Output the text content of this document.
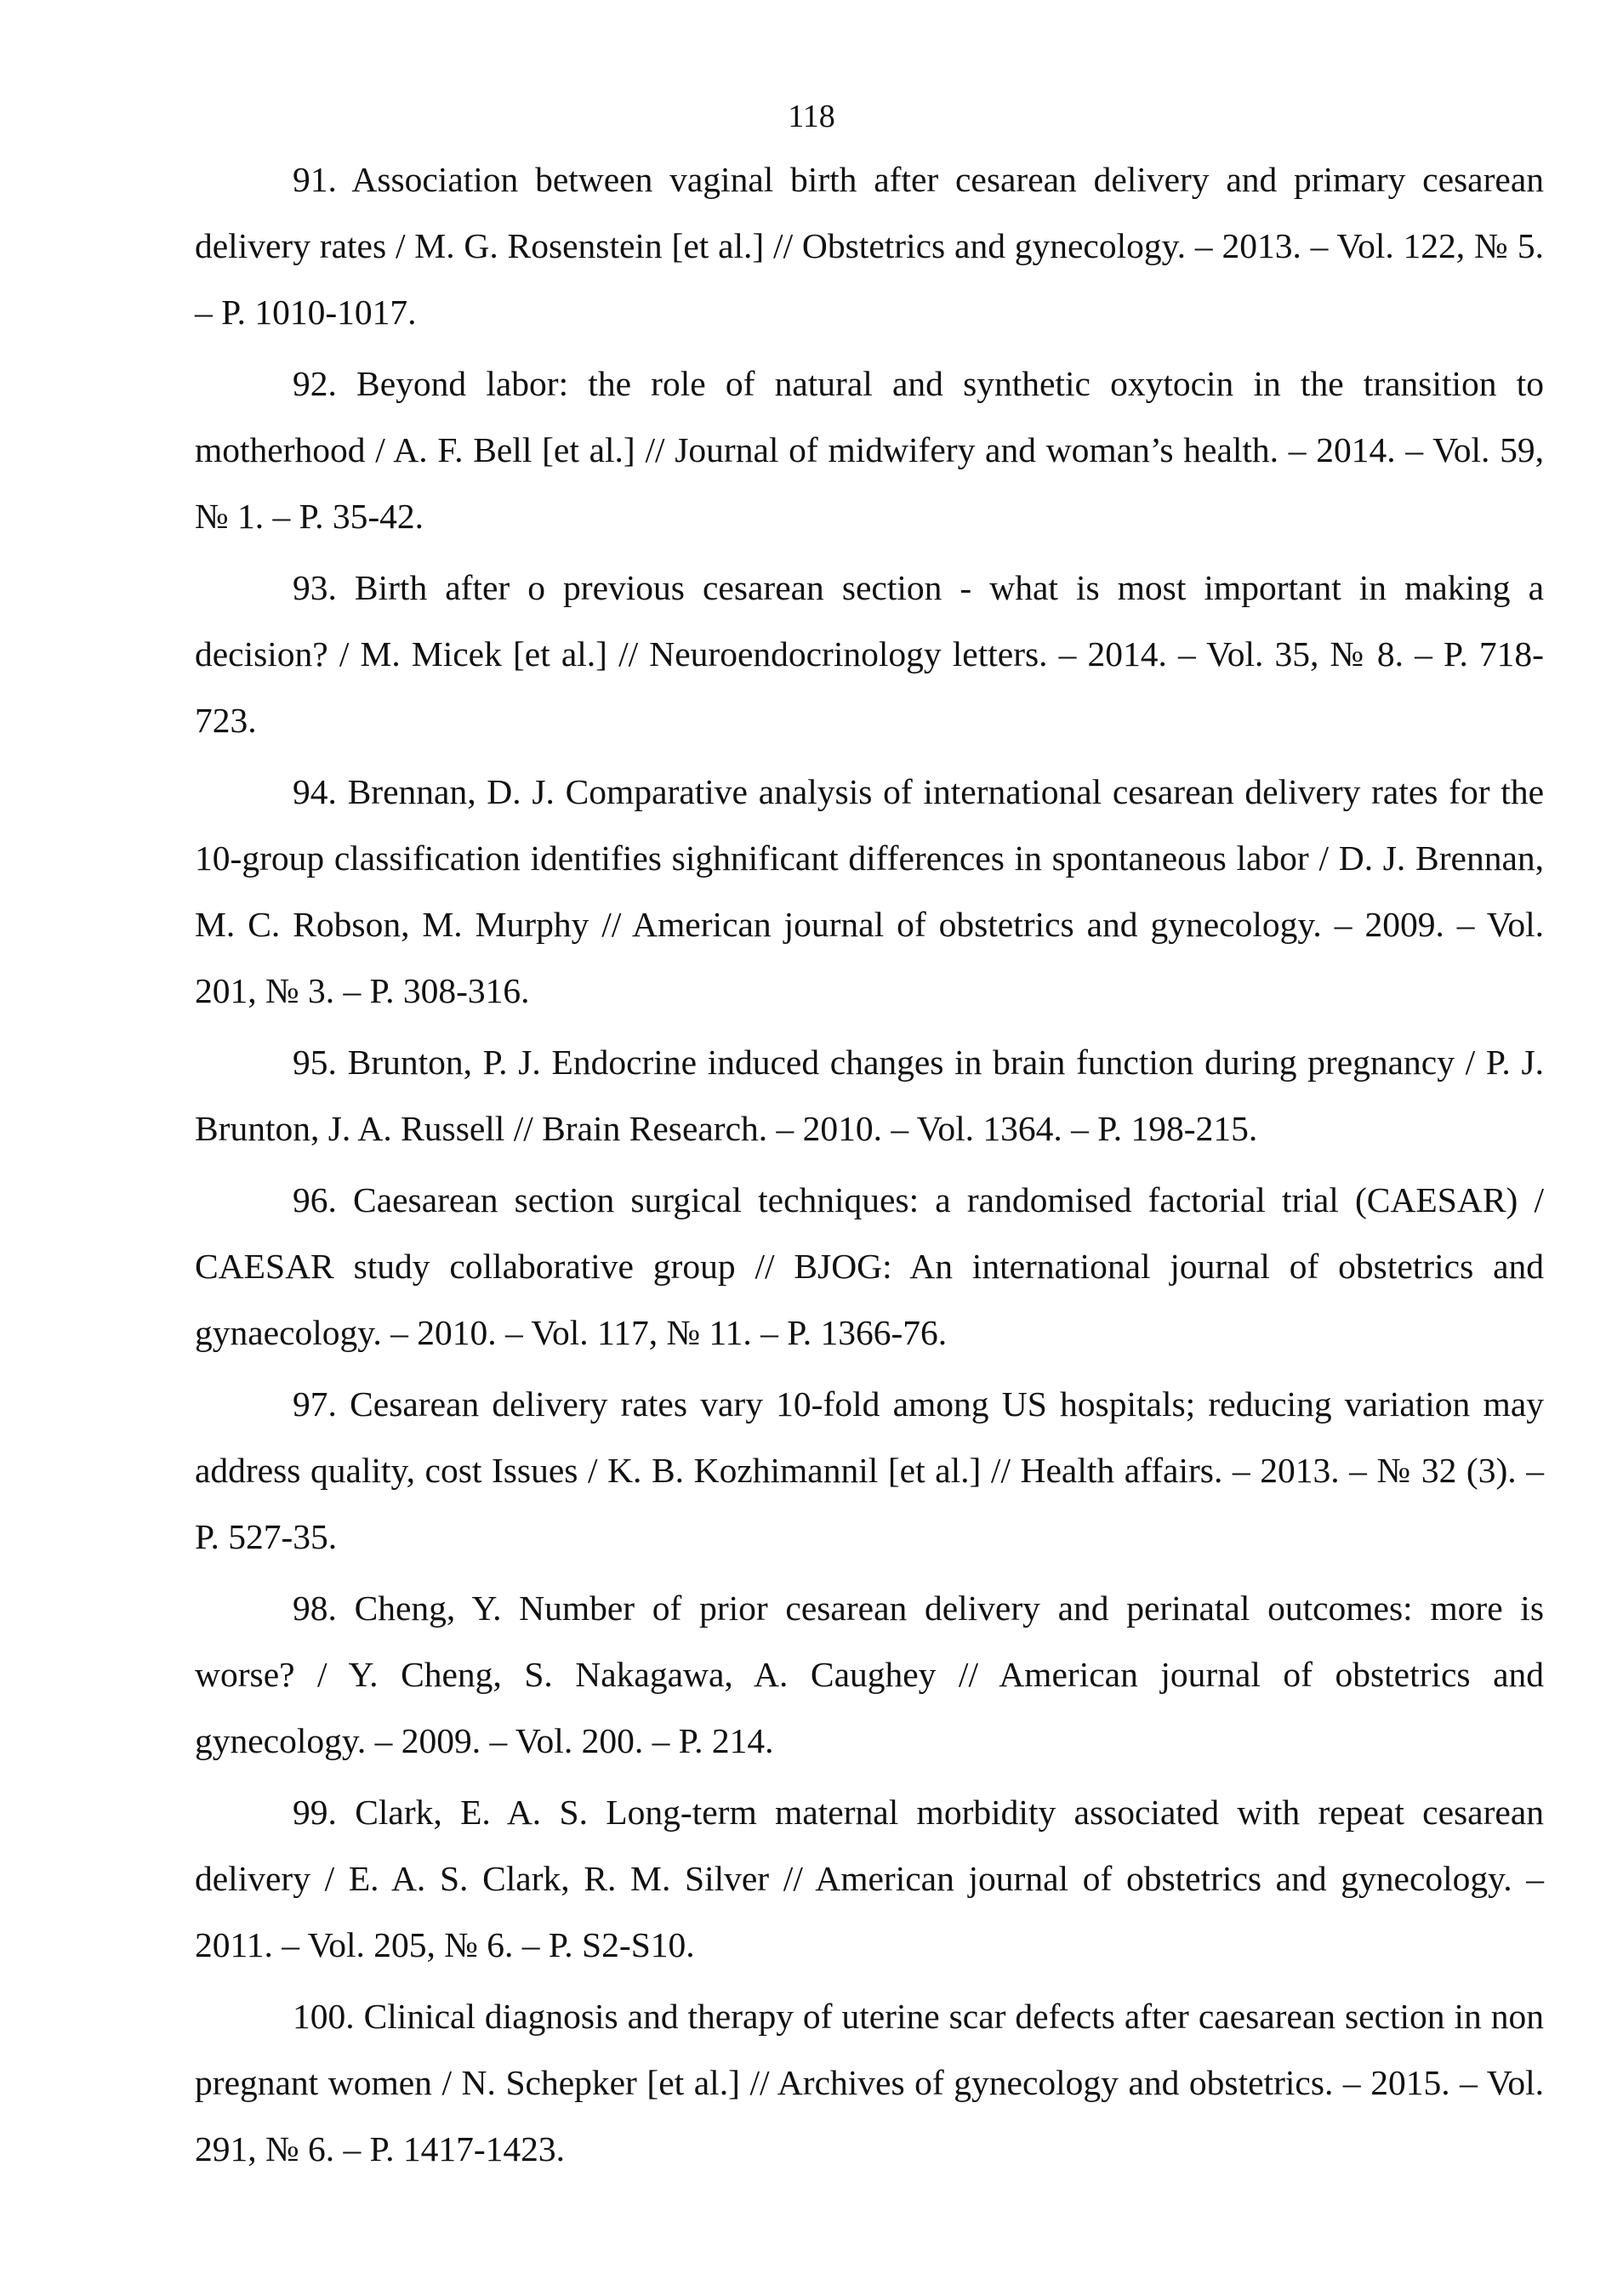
118

91. Association between vaginal birth after cesarean delivery and primary cesarean delivery rates / M. G. Rosenstein [et al.] // Obstetrics and gynecology. – 2013. – Vol. 122, № 5. – P. 1010-1017.

92. Beyond labor: the role of natural and synthetic oxytocin in the transition to motherhood / A. F. Bell [et al.] // Journal of midwifery and woman’s health. – 2014. – Vol. 59, № 1. – P. 35-42.

93. Birth after o previous cesarean section - what is most important in making a decision? / M. Micek [et al.] // Neuroendocrinology letters. – 2014. – Vol. 35, № 8. – P. 718-723.

94. Brennan, D. J. Comparative analysis of international cesarean delivery rates for the 10-group classification identifies sighnificant differences in spontaneous labor / D. J. Brennan, M. C. Robson, M. Murphy // American journal of obstetrics and gynecology. – 2009. – Vol. 201, № 3. – P. 308-316.

95. Brunton, P. J. Endocrine induced changes in brain function during pregnancy / P. J. Brunton, J. A. Russell // Brain Research. – 2010. – Vol. 1364. – P. 198-215.

96. Caesarean section surgical techniques: a randomised factorial trial (CAESAR) / CAESAR study collaborative group // BJOG: An international journal of obstetrics and gynaecology. – 2010. – Vol. 117, № 11. – P. 1366-76.

97. Cesarean delivery rates vary 10-fold among US hospitals; reducing variation may address quality, cost Issues / K. B. Kozhimannil [et al.] // Health affairs. – 2013. – № 32 (3). – P. 527-35.

98. Cheng, Y. Number of prior cesarean delivery and perinatal outcomes: more is worse? / Y. Cheng, S. Nakagawa, A. Caughey // American journal of obstetrics and gynecology. – 2009. – Vol. 200. – P. 214.

99. Clark, E. A. S. Long-term maternal morbidity associated with repeat cesarean delivery / E. A. S. Clark, R. M. Silver // American journal of obstetrics and gynecology. – 2011. – Vol. 205, № 6. – P. S2-S10.

100. Clinical diagnosis and therapy of uterine scar defects after caesarean section in non pregnant women / N. Schepker [et al.] // Archives of gynecology and obstetrics. – 2015. – Vol. 291, № 6. – P. 1417-1423.
